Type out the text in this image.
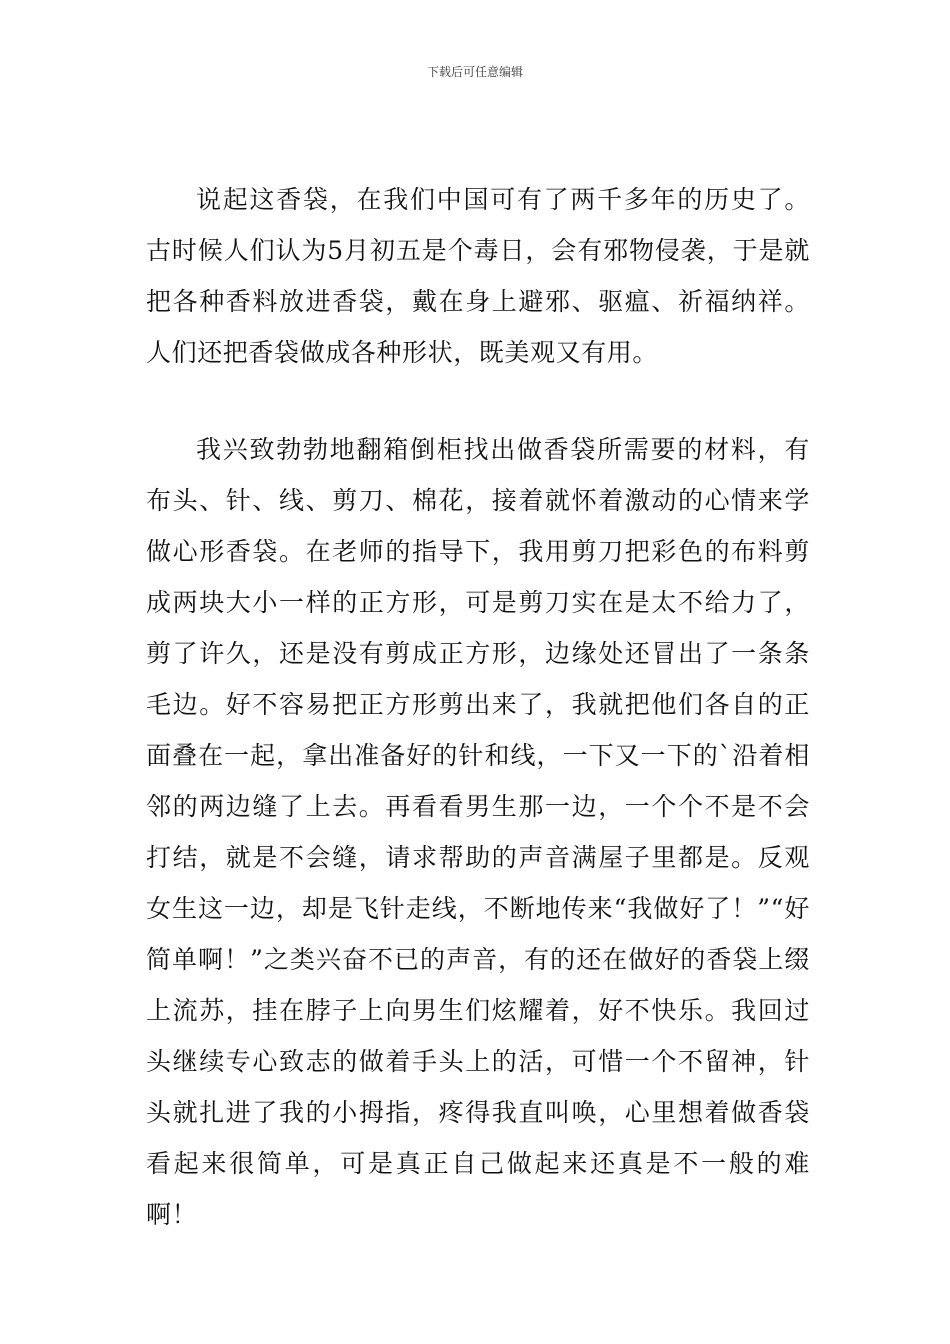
下载后可任意编辑

说起这香袋，在我们中国可有了两千多年的历史了。古时候人们认为5月初五是个毒日，会有邪物侵袭，于是就把各种香料放进香袋，戴在身上避邪、驱瘟、祈福纳祥。人们还把香袋做成各种形状，既美观又有用。

我兴致勃勃地翻箱倒柜找出做香袋所需要的材料，有布头、针、线、剪刀、棉花，接着就怀着激动的心情来学做心形香袋。在老师的指导下，我用剪刀把彩色的布料剪成两块大小一样的正方形，可是剪刀实在是太不给力了，剪了许久，还是没有剪成正方形，边缘处还冒出了一条条毛边。好不容易把正方形剪出来了，我就把他们各自的正面叠在一起，拿出准备好的针和线，一下又一下的`沿着相邻的两边缝了上去。再看看男生那一边，一个个不是不会打结，就是不会缝，请求帮助的声音满屋子里都是。反观女生这一边，却是飞针走线，不断地传来“我做好了！”“好简单啊！”之类兴奋不已的声音，有的还在做好的香袋上缀上流苏，挂在脖子上向男生们炫耀着，好不快乐。我回过头继续专心致志的做着手头上的活，可惜一个不留神，针头就扎进了我的小拇指，疼得我直叫唤，心里想着做香袋看起来很简单，可是真正自己做起来还真是不一般的难啊！
